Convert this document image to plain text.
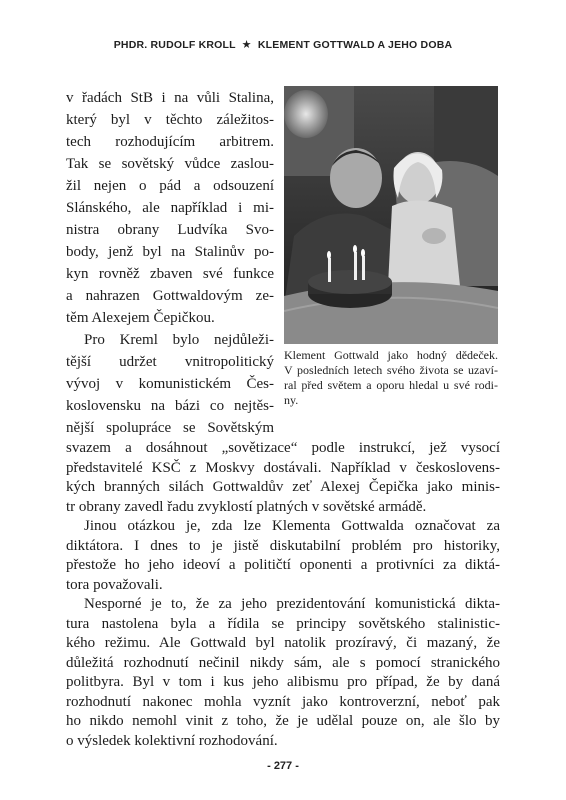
PHDR. RUDOLF KROLL ★ KLEMENT GOTTWALD A JEHO DOBA
v řadách StB i na vůli Stalina,
který byl v těchto záležitos-
tech rozhodujícím arbitrem.
Tak se sovětský vůdce zaslou-
žil nejen o pád a odsouzení
Slánského, ale například i mi-
nistra obrany Ludvíka Svo-
body, jenž byl na Stalinův po-
kyn rovněž zbaven své funkce
a nahrazen Gottwaldovým ze-
těm Alexejem Čepičkou.
Pro Kreml bylo nejdůleži-
tější udržet vnitropolitický
vývoj v komunistickém Čes-
koslovensku na bázi co nejtěs-
nější spolupráce se Sovětským
Klement Gottwald jako hodný dědeček.
V posledních letech svého života se uzaví-
ral před světem a oporu hledal u své rodi-
ny.
svazem a dosáhnout „sovětizace“ podle instrukcí, jež vysocí
představitelé KSČ z Moskvy dostávali. Například v českoslovens-
kých branných silách Gottwaldův zeť Alexej Čepička jako minis-
tr obrany zavedl řadu zvyklostí platných v sovětské armádě.
Jinou otázkou je, zda lze Klementa Gottwalda označovat za
diktátora. I dnes to je jistě diskutabilní problém pro historiky,
přestože ho jeho ideoví a političtí oponenti a protivníci za diktá-
tora považovali.
Nesporné je to, že za jeho prezidentování komunistická dikta-
tura nastolena byla a řídila se principy sovětského stalinistic-
kého režimu. Ale Gottwald byl natolik prozíravý, či mazaný, že
důležitá rozhodnutí nečinil nikdy sám, ale s pomocí stranického
politbyra. Byl v tom i kus jeho alibismu pro případ, že by daná
rozhodnutí nakonec mohla vyznít jako kontroverzní, neboť pak
ho nikdo nemohl vinit z toho, že je udělal pouze on, ale šlo by
o výsledek kolektivní rozhodování.
- 277 -
